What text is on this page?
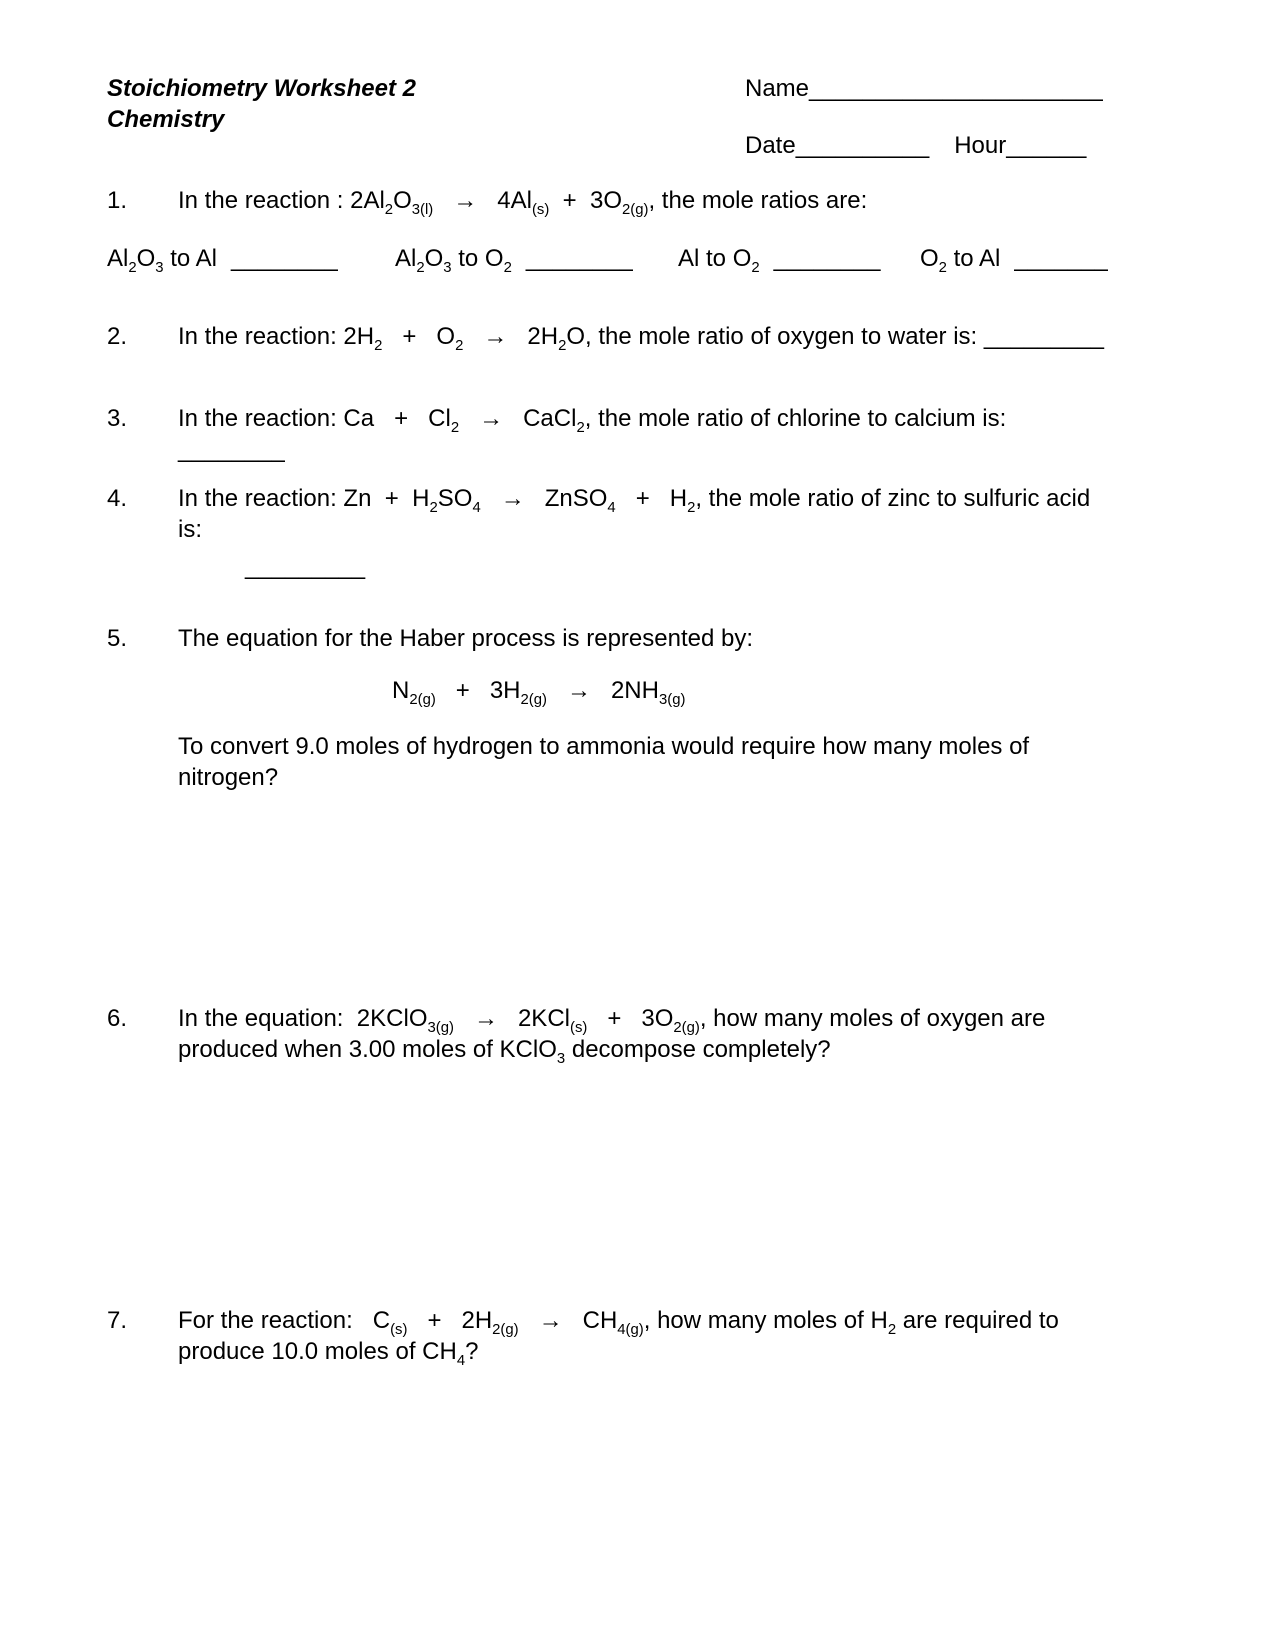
Stoichiometry Worksheet 2
Chemistry
Name______________________
Date__________ Hour______
1.	In the reaction : $2Al_2O_{3(l)} \to 4Al_{(s)} + 3O_{2(g)}$, the mole ratios are:
$Al_2O_3$ to Al ________ $Al_2O_3$ to $O_2$ ________ Al to $O_2$ ________ $O_2$ to Al _______
2.	In the reaction: $2H_2 + O_2 \to 2H_2O$, the mole ratio of oxygen to water is: _________
3.	In the reaction: $Ca + Cl_2$   →   CaCl$_2$, the mole ratio of chlorine to calcium is: ________
4.	In the reaction: $Zn + H_2SO_4$   →   ZnSO$_4$   +   $H_2$, the mole ratio of zinc to sulfuric acid is:
_________
5.	The equation for the Haber process is represented by:
$N_{2(g)} + 3H_{2(g)} \to 2NH_{3(g)}$
To convert 9.0 moles of hydrogen to ammonia would require how many moles of nitrogen?
6.	In the equation:  2KClO$_{3(g)}$   →   $2KCl_{(s)} + 3O_{2(g)}$, how many moles of oxygen are produced when 3.00 moles of KClO$_3$ decompose completely?
7.	For the reaction:   $C_{(s)} + 2H_{2(g)} \to CH_{4(g)}$, how many moles of $H_2$ are required to produce 10.0 moles of $CH_4$?
